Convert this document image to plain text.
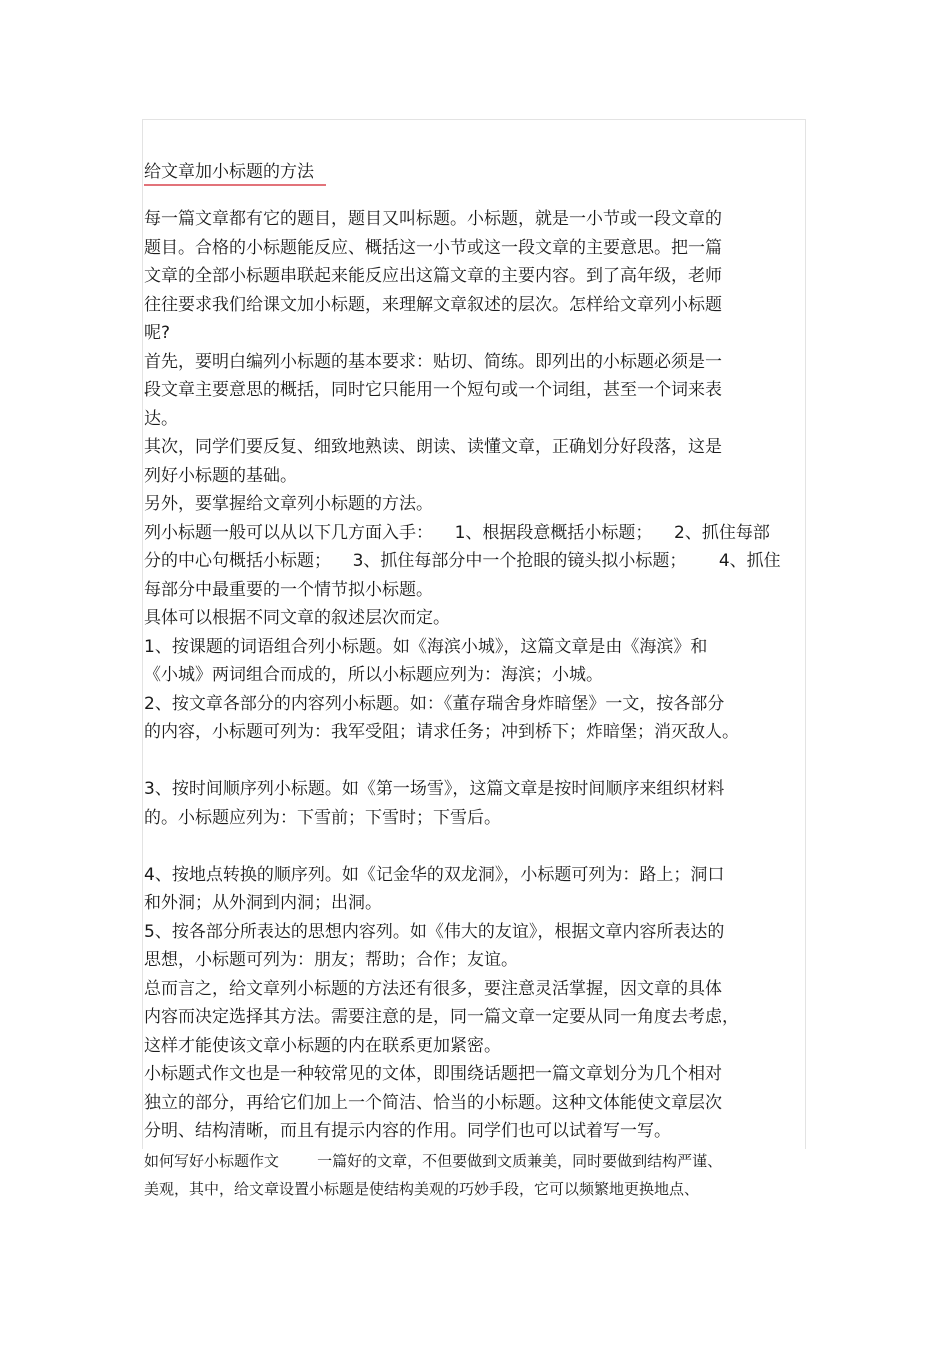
给文章加小标题的方法

每一篇文章都有它的题目，题目又叫标题。小标题，就是一小节或一段文章的

题目。合格的小标题能反应、概括这一小节或这一段文章的主要意思。把一篇

文章的全部小标题串联起来能反应出这篇文章的主要内容。到了高年级，老师

往往要求我们给课文加小标题，来理解文章叙述的层次。怎样给文章列小标题

呢?

首先，要明白编列小标题的基本要求：贴切、简练。即列出的小标题必须是一

段文章主要意思的概括，同时它只能用一个短句或一个词组，甚至一个词来表

达。

其次，同学们要反复、细致地熟读、朗读、读懂文章，正确划分好段落，这是

列好小标题的基础。

另外，要掌握给文章列小标题的方法。

列小标题一般可以从以下几方面入手：    1、根据段意概括小标题；    2、抓住每部

分的中心句概括小标题；    3、抓住每部分中一个抢眼的镜头拟小标题；      4、抓住

每部分中最重要的一个情节拟小标题。

具体可以根据不同文章的叙述层次而定。

1、按课题的词语组合列小标题。如《海滨小城》，这篇文章是由《海滨》和

《小城》两词组合而成的，所以小标题应列为：海滨；小城。

2、按文章各部分的内容列小标题。如：《董存瑞舍身炸暗堡》一文，按各部分

的内容，小标题可列为：我军受阻；请求任务；冲到桥下；炸暗堡；消灭敌人。

3、按时间顺序列小标题。如《第一场雪》，这篇文章是按时间顺序来组织材料

的。小标题应列为：下雪前；下雪时；下雪后。

4、按地点转换的顺序列。如《记金华的双龙洞》，小标题可列为：路上；洞口

和外洞；从外洞到内洞；出洞。

5、按各部分所表达的思想内容列。如《伟大的友谊》，根据文章内容所表达的

思想，小标题可列为：朋友；帮助；合作；友谊。

总而言之，给文章列小标题的方法还有很多，要注意灵活掌握，因文章的具体

内容而决定选择其方法。需要注意的是，同一篇文章一定要从同一角度去考虑，

这样才能使该文章小标题的内在联系更加紧密。

小标题式作文也是一种较常见的文体，即围绕话题把一篇文章划分为几个相对

独立的部分，再给它们加上一个简洁、恰当的小标题。这种文体能使文章层次

分明、结构清晰，而且有提示内容的作用。同学们也可以试着写一写。

如何写好小标题作文        一篇好的文章，不但要做到文质兼美，同时要做到结构严谨、

美观，其中，给文章设置小标题是使结构美观的巧妙手段，它可以频繁地更换地点、
